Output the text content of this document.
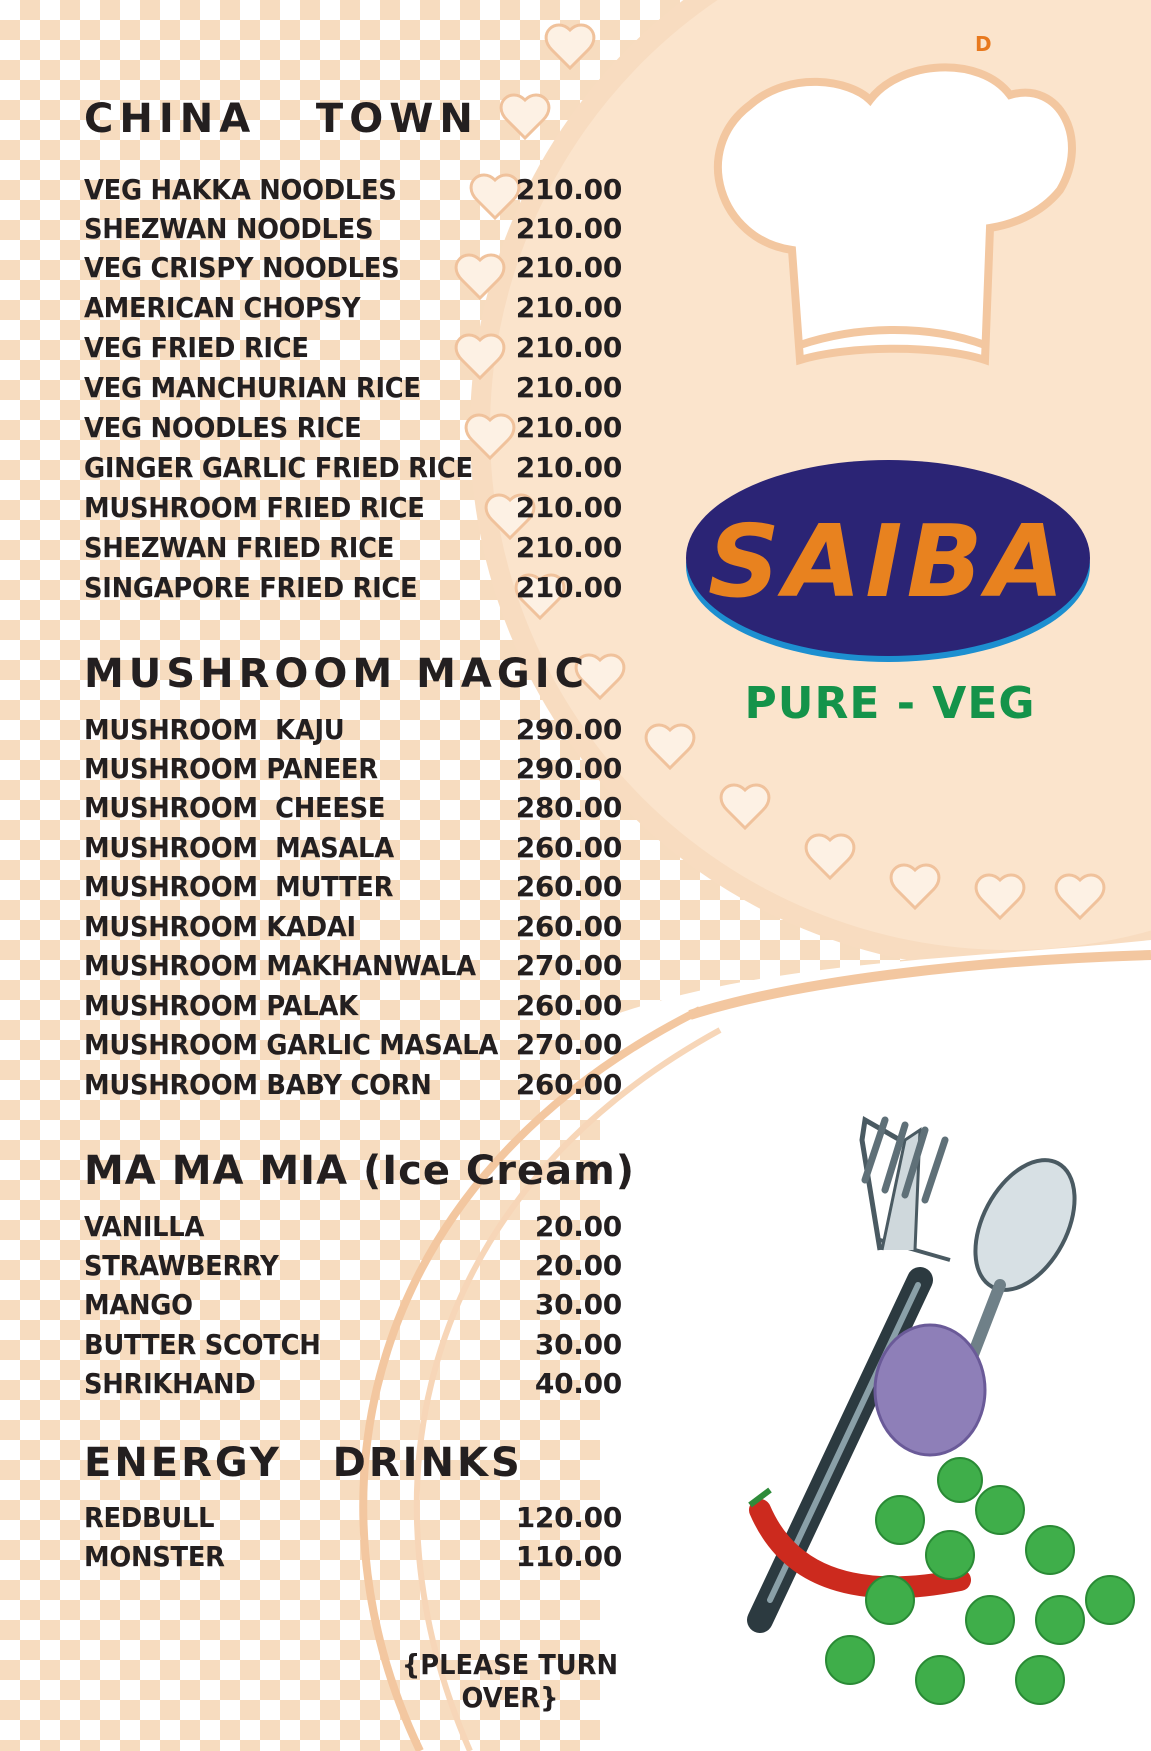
D
CHINA   TOWN
VEG HAKKA NOODLES	210.00
SHEZWAN NOODLES	210.00
VEG CRISPY NOODLES	210.00
AMERICAN CHOPSY	210.00
VEG FRIED RICE	210.00
VEG MANCHURIAN RICE	210.00
VEG NOODLES RICE	210.00
GINGER GARLIC FRIED RICE	210.00
MUSHROOM FRIED RICE	210.00
SHEZWAN FRIED RICE	210.00
SINGAPORE FRIED RICE	210.00
MUSHROOM MAGIC
MUSHROOM  KAJU	290.00
MUSHROOM PANEER	290.00
MUSHROOM  CHEESE	280.00
MUSHROOM  MASALA	260.00
MUSHROOM  MUTTER	260.00
MUSHROOM KADAI	260.00
MUSHROOM MAKHANWALA	270.00
MUSHROOM PALAK	260.00
MUSHROOM GARLIC MASALA 270.00
MUSHROOM BABY CORN	260.00
MA MA MIA (Ice Cream)
VANILLA	20.00
STRAWBERRY	20.00
MANGO	30.00
BUTTER SCOTCH	30.00
SHRIKHAND	40.00
ENERGY   DRINKS
REDBULL	120.00
MONSTER	110.00
SAIBA
PURE - VEG
{PLEASE TURN OVER}
